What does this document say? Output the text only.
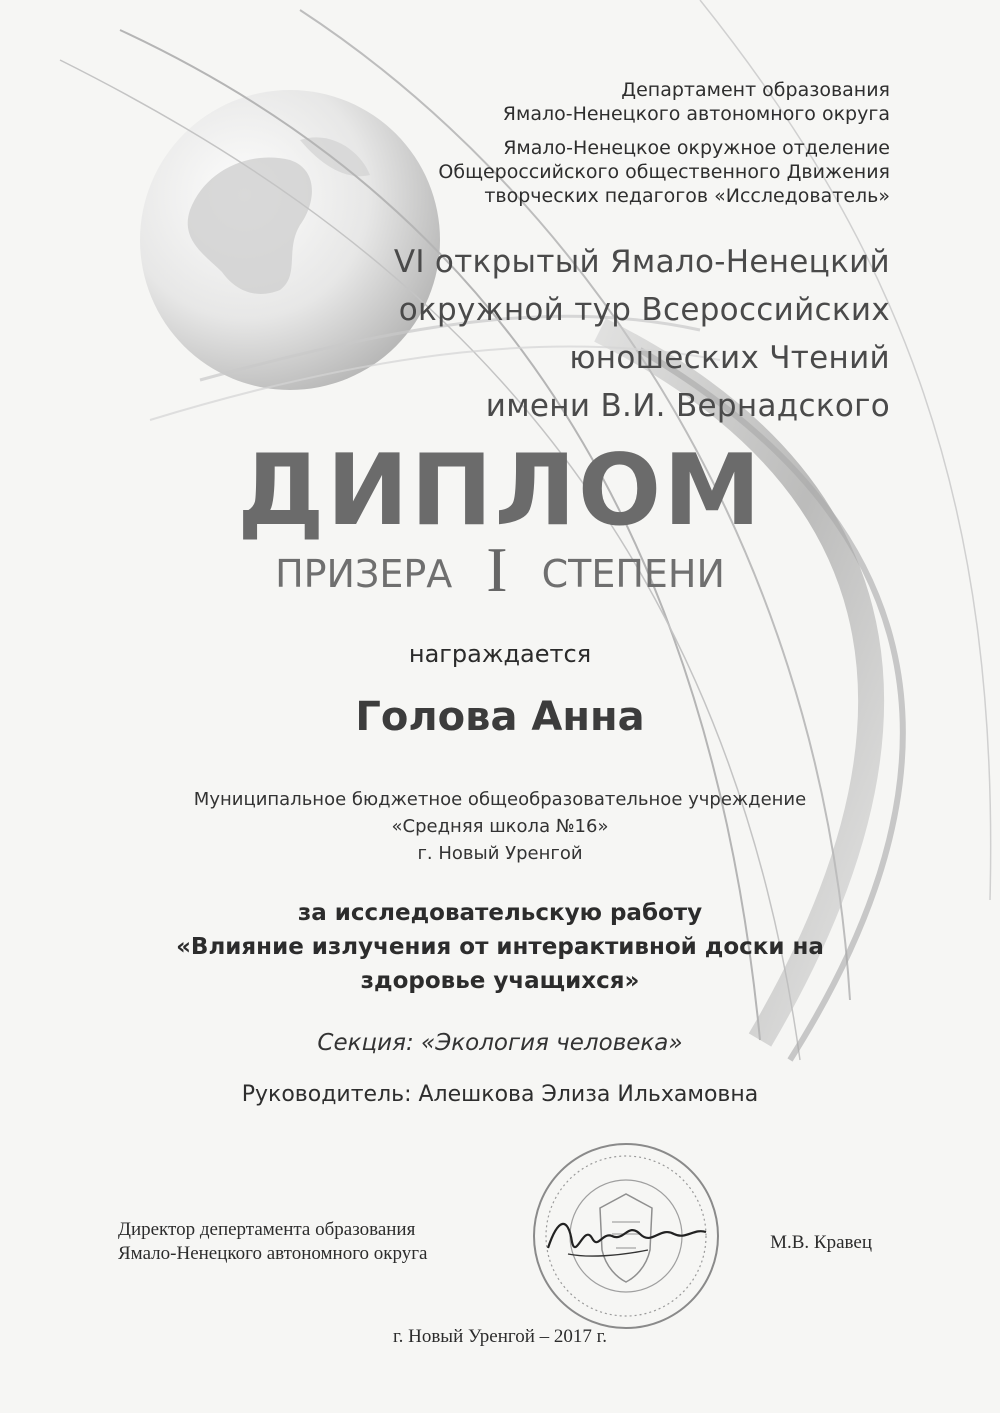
Департамент образования
Ямало-Ненецкого автономного округа
Ямало-Ненецкое окружное отделение
Общероссийского общественного Движения
творческих педагогов «Исследователь»
VI открытый Ямало-Ненецкий
окружной тур Всероссийских
юношеских Чтений
имени В.И. Вернадского
ДИПЛОМ
ПРИЗЕРА I СТЕПЕНИ
награждается
Голова Анна
Муниципальное бюджетное общеобразовательное учреждение
«Средняя школа №16»
г. Новый Уренгой
за исследовательскую работу
«Влияние излучения от интерактивной доски на
здоровье учащихся»
Секция: «Экология человека»
Руководитель: Алешкова Элиза Ильхамовна
Директор депертамента образования
Ямало-Ненецкого автономного округа
М.В. Кравец
г. Новый Уренгой – 2017 г.
